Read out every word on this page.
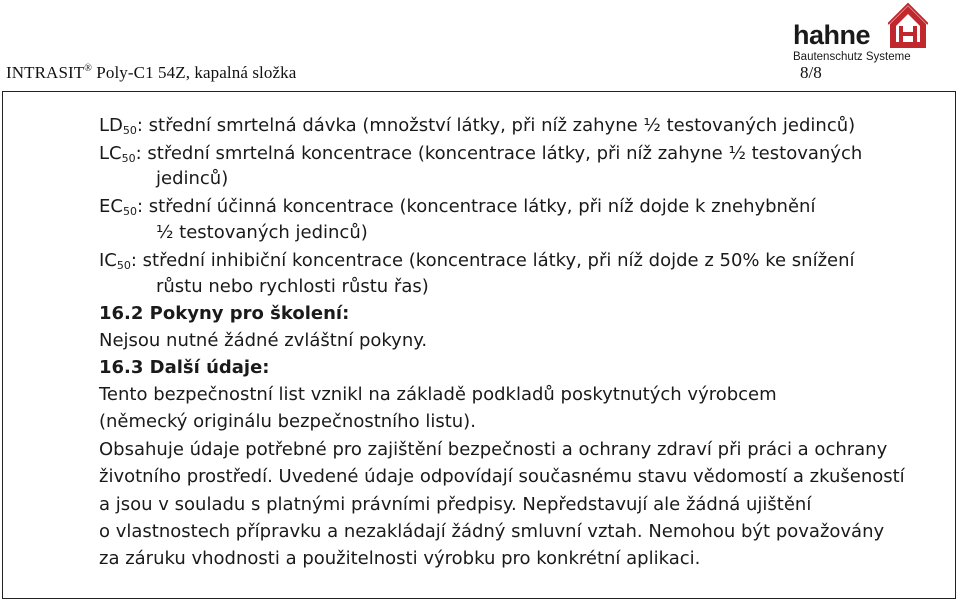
INTRASIT® Poly-C1 54Z, kapalná složka	8/8
hahne
Bautenschutz Systeme
$LD_{50}$: střední smrtelná dávka (množství látky, při níž zahyne ½ testovaných jedinců)
$LC_{50}$: střední smrtelná koncentrace (koncentrace látky, při níž zahyne ½ testovaných
jedinců)
$EC_{50}$: střední účinná koncentrace (koncentrace látky, při níž dojde k znehybnění
½ testovaných jedinců)
$IC_{50}$: střední inhibiční koncentrace (koncentrace látky, při níž dojde z 50% ke snížení
růstu nebo rychlosti růstu řas)
16.2 Pokyny pro školení:
Nejsou nutné žádné zvláštní pokyny.
16.3 Další údaje:
Tento bezpečnostní list vznikl na základě podkladů poskytnutých výrobcem
(německý originálu bezpečnostního listu).
Obsahuje údaje potřebné pro zajištění bezpečnosti a ochrany zdraví při práci a ochrany
životního prostředí. Uvedené údaje odpovídají současnému stavu vědomostí a zkušeností
a jsou v souladu s platnými právními předpisy. Nepředstavují ale žádná ujištění
o vlastnostech přípravku a nezakládají žádný smluvní vztah. Nemohou být považovány
za záruku vhodnosti a použitelnosti výrobku pro konkrétní aplikaci.
